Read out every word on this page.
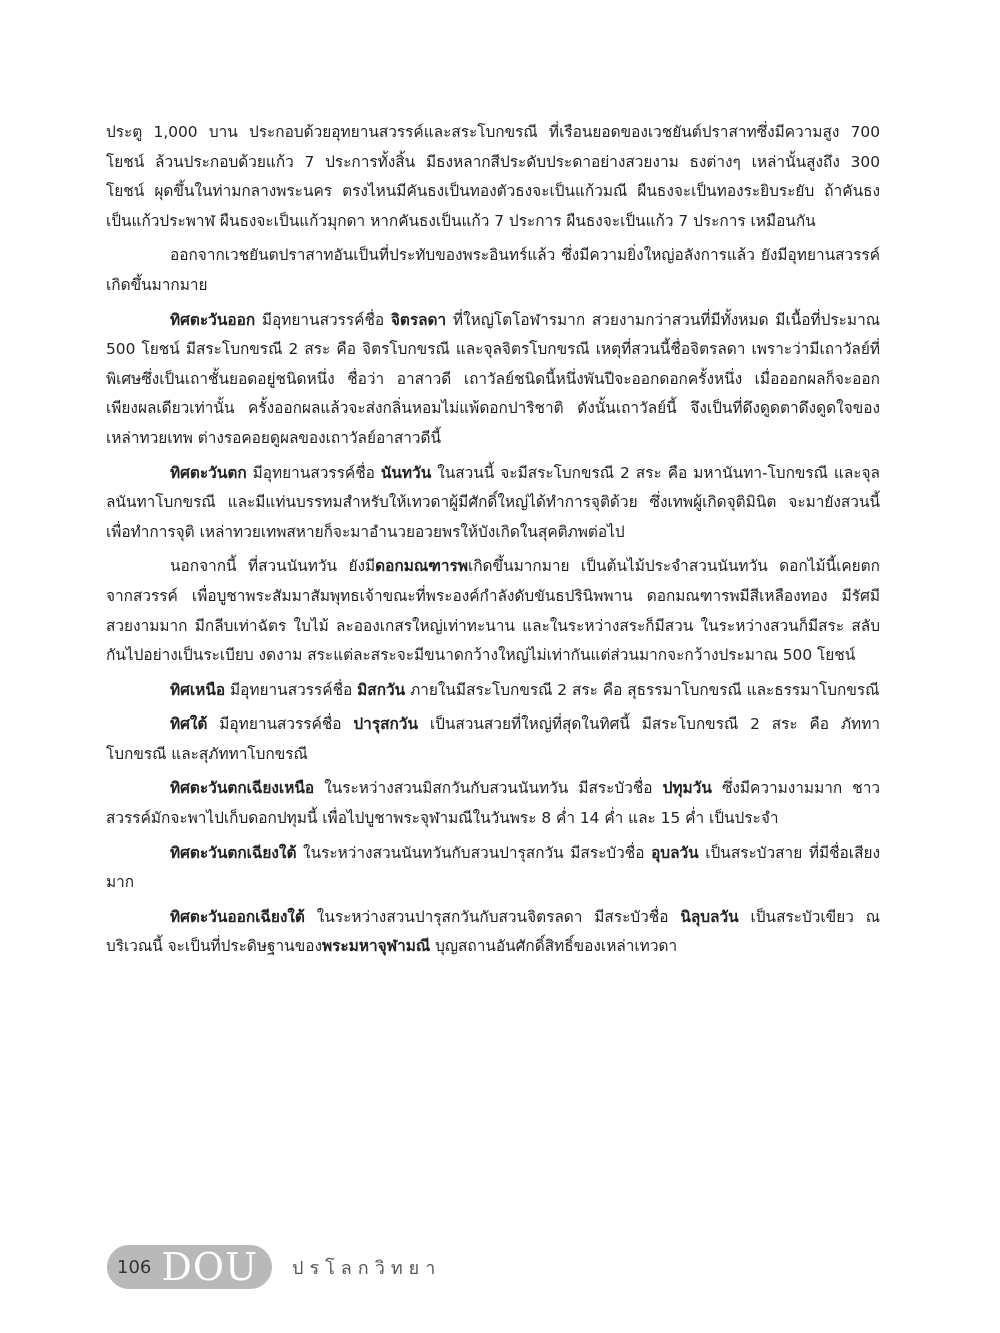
ประตู 1,000 บาน ประกอบด้วยอุทยานสวรรค์และสระโบกขรณี ที่เรือนยอดของเวชยันต์ปราสาทซึ่งมีความสูง 700 โยชน์ ล้วนประกอบด้วยแก้ว 7 ประการทั้งสิ้น มีธงหลากสีประดับประดาอย่างสวยงาม ธงต่างๆ เหล่านั้นสูงถึง 300 โยชน์ ผุดขึ้นในท่ามกลางพระนคร ตรงไหนมีคันธงเป็นทองตัวธงจะเป็นแก้วมณี ผืนธงจะเป็นทองระยิบระยับ ถ้าคันธงเป็นแก้วประพาฬ ผืนธงจะเป็นแก้วมุกดา หากคันธงเป็นแก้ว 7 ประการ ผืนธงจะเป็นแก้ว 7 ประการ เหมือนกัน

ออกจากเวชยันตปราสาทอันเป็นที่ประทับของพระอินทร์แล้ว ซึ่งมีความยิ่งใหญ่อลังการแล้ว ยังมีอุทยานสวรรค์เกิดขึ้นมากมาย

ทิศตะวันออก มีอุทยานสวรรค์ชื่อ จิตรลดา ที่ใหญ่โตโอฬารมาก สวยงามกว่าสวนที่มีทั้งหมด มีเนื้อที่ประมาณ 500 โยชน์ มีสระโบกขรณี 2 สระ คือ จิตรโบกขรณี และจุลจิตรโบกขรณี เหตุที่สวนนี้ชื่อจิตรลดา เพราะว่ามีเถาวัลย์ที่พิเศษซึ่งเป็นเถาชั้นยอดอยู่ชนิดหนึ่ง ชื่อว่า อาสาวดี เถาวัลย์ชนิดนี้หนึ่งพันปีจะออกดอกครั้งหนึ่ง เมื่อออกผลก็จะออกเพียงผลเดียวเท่านั้น ครั้งออกผลแล้วจะส่งกลิ่นหอมไม่แพ้ดอกปาริชาติ ดังนั้นเถาวัลย์นี้ จึงเป็นที่ดึงดูดตาดึงดูดใจของเหล่าทวยเทพ ต่างรอคอยดูผลของเถาวัลย์อาสาวดีนี้

ทิศตะวันตก มีอุทยานสวรรค์ชื่อ นันทวัน ในสวนนี้ จะมีสระโบกขรณี 2 สระ คือ มหานันทา-โบกขรณี และจุลลนันทาโบกขรณี และมีแท่นบรรทมสำหรับให้เทวดาผู้มีศักดิ์ใหญ่ได้ทำการจุติด้วย ซึ่งเทพผู้เกิดจุติมินิต จะมายังสวนนี้เพื่อทำการจุติ เหล่าทวยเทพสหายก็จะมาอำนวยอวยพรให้บังเกิดในสุคติภพต่อไป

นอกจากนี้ ที่สวนนันทวัน ยังมีดอกมณฑารพเกิดขึ้นมากมาย เป็นต้นไม้ประจำสวนนันทวัน ดอกไม้นี้เคยตกจากสวรรค์ เพื่อบูชาพระสัมมาสัมพุทธเจ้าขณะที่พระองค์กำลังดับขันธปรินิพพาน ดอกมณฑารพมีสีเหลืองทอง มีรัศมีสวยงามมาก มีกลีบเท่าฉัตร ใบไม้ ละอองเกสรใหญ่เท่าทะนาน และในระหว่างสระก็มีสวน ในระหว่างสวนก็มีสระ สลับกันไปอย่างเป็นระเบียบ งดงาม สระแต่ละสระจะมีขนาดกว้างใหญ่ไม่เท่ากันแต่ส่วนมากจะกว้างประมาณ 500 โยชน์

ทิศเหนือ มีอุทยานสวรรค์ชื่อ มิสกวัน ภายในมีสระโบกขรณี 2 สระ คือ สุธรรมาโบกขรณี และธรรมาโบกขรณี

ทิศใต้ มีอุทยานสวรรค์ชื่อ ปารุสกวัน เป็นสวนสวยที่ใหญ่ที่สุดในทิศนี้ มีสระโบกขรณี 2 สระ คือ ภัททาโบกขรณี และสุภัททาโบกขรณี

ทิศตะวันตกเฉียงเหนือ ในระหว่างสวนมิสกวันกับสวนนันทวัน มีสระบัวชื่อ ปทุมวัน ซึ่งมีความงามมาก ชาวสวรรค์มักจะพาไปเก็บดอกปทุมนี้ เพื่อไปบูชาพระจุฬามณีในวันพระ 8 ค่ำ 14 ค่ำ และ 15 ค่ำ เป็นประจำ

ทิศตะวันตกเฉียงใต้ ในระหว่างสวนนันทวันกับสวนปารุสกวัน มีสระบัวชื่อ อุบลวัน เป็นสระบัวสาย ที่มีชื่อเสียงมาก

ทิศตะวันออกเฉียงใต้ ในระหว่างสวนปารุสกวันกับสวนจิตรลดา มีสระบัวชื่อ นิลุบลวัน เป็นสระบัวเขียว ณ บริเวณนี้ จะเป็นที่ประดิษฐานของพระมหาจุฬามณี บุญสถานอันศักดิ์สิทธิ์ของเหล่าเทวดา

106 DOU ปรโลกวิทยา
